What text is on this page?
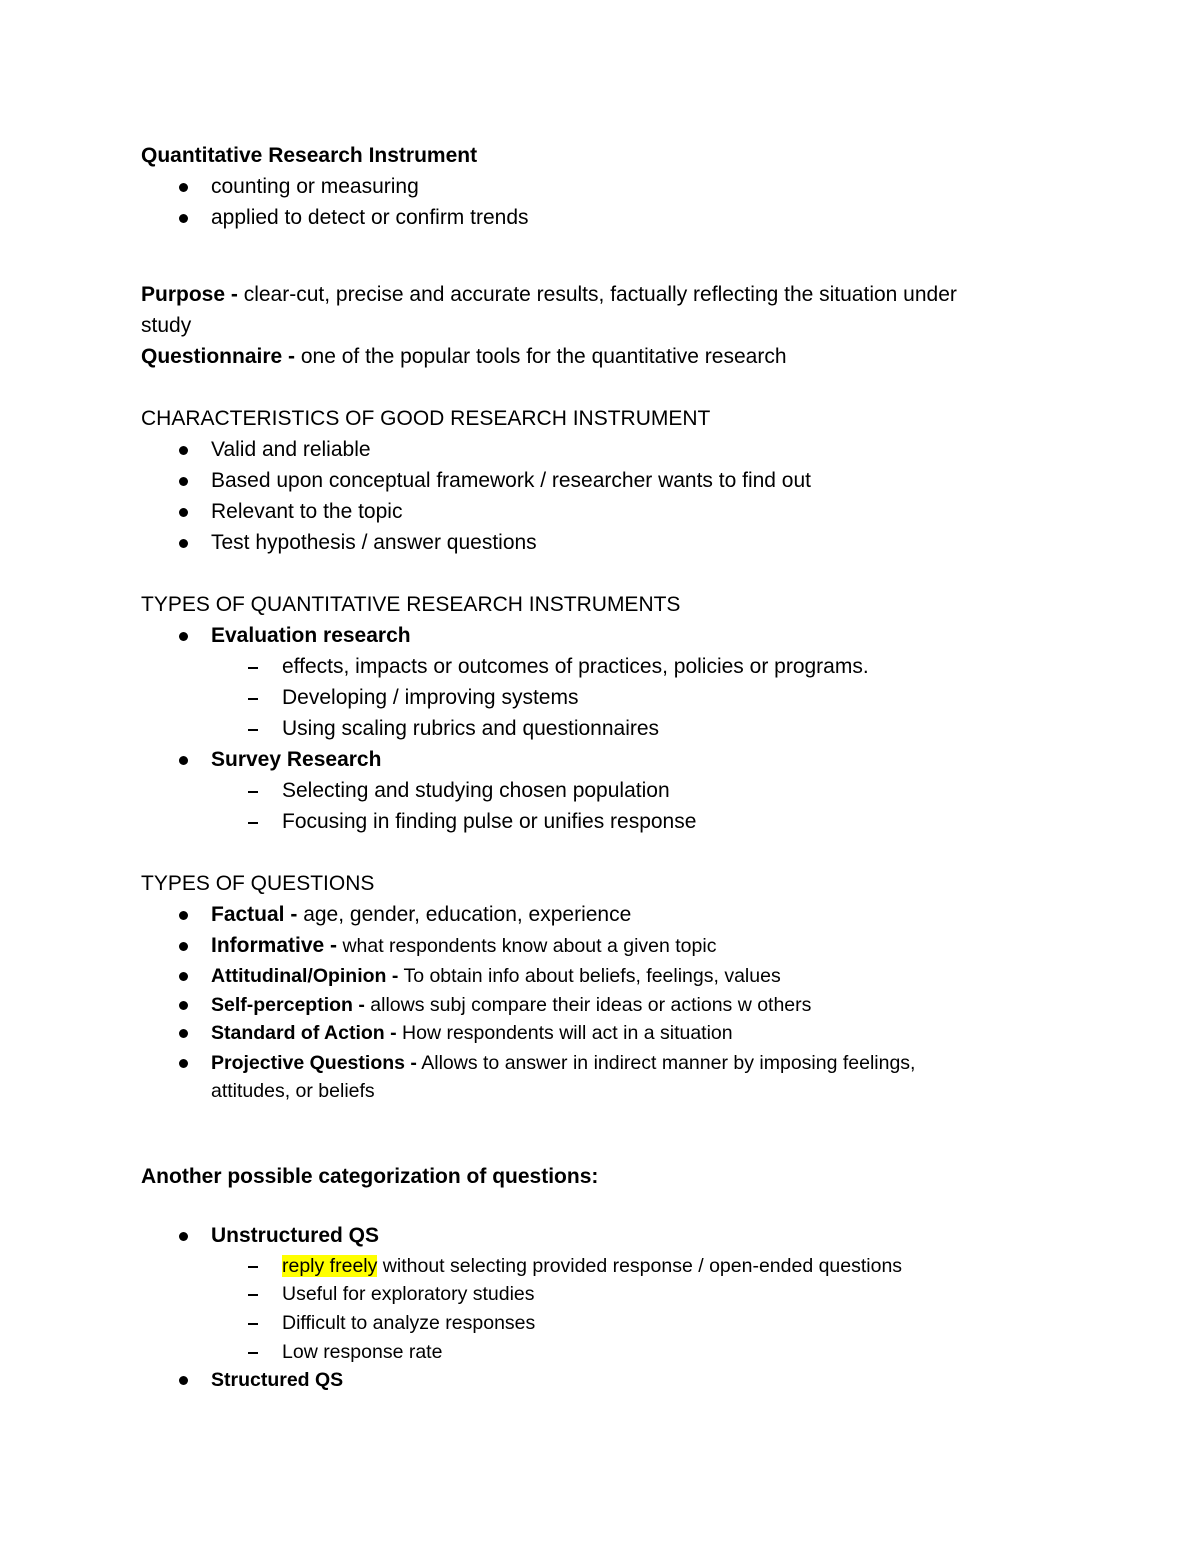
Quantitative Research Instrument
counting or measuring
applied to detect or confirm trends
Purpose - clear-cut, precise and accurate results, factually reflecting the situation under
study
Questionnaire - one of the popular tools for the quantitative research
CHARACTERISTICS OF GOOD RESEARCH INSTRUMENT
Valid and reliable
Based upon conceptual framework / researcher wants to find out
Relevant to the topic
Test hypothesis / answer questions
TYPES OF QUANTITATIVE RESEARCH INSTRUMENTS
Evaluation research
effects, impacts or outcomes of practices, policies or programs.
Developing / improving systems
Using scaling rubrics and questionnaires
Survey Research
Selecting and studying chosen population
Focusing in finding pulse or unifies response
TYPES OF QUESTIONS
Factual - age, gender, education, experience
Informative - what respondents know about a given topic
Attitudinal/Opinion - To obtain info about beliefs, feelings, values
Self-perception - allows subj compare their ideas or actions w others
Standard of Action - How respondents will act in a situation
Projective Questions - Allows to answer in indirect manner by imposing feelings,
attitudes, or beliefs
Another possible categorization of questions:
Unstructured QS
reply freely without selecting provided response / open-ended questions
Useful for exploratory studies
Difficult to analyze responses
Low response rate
Structured QS
